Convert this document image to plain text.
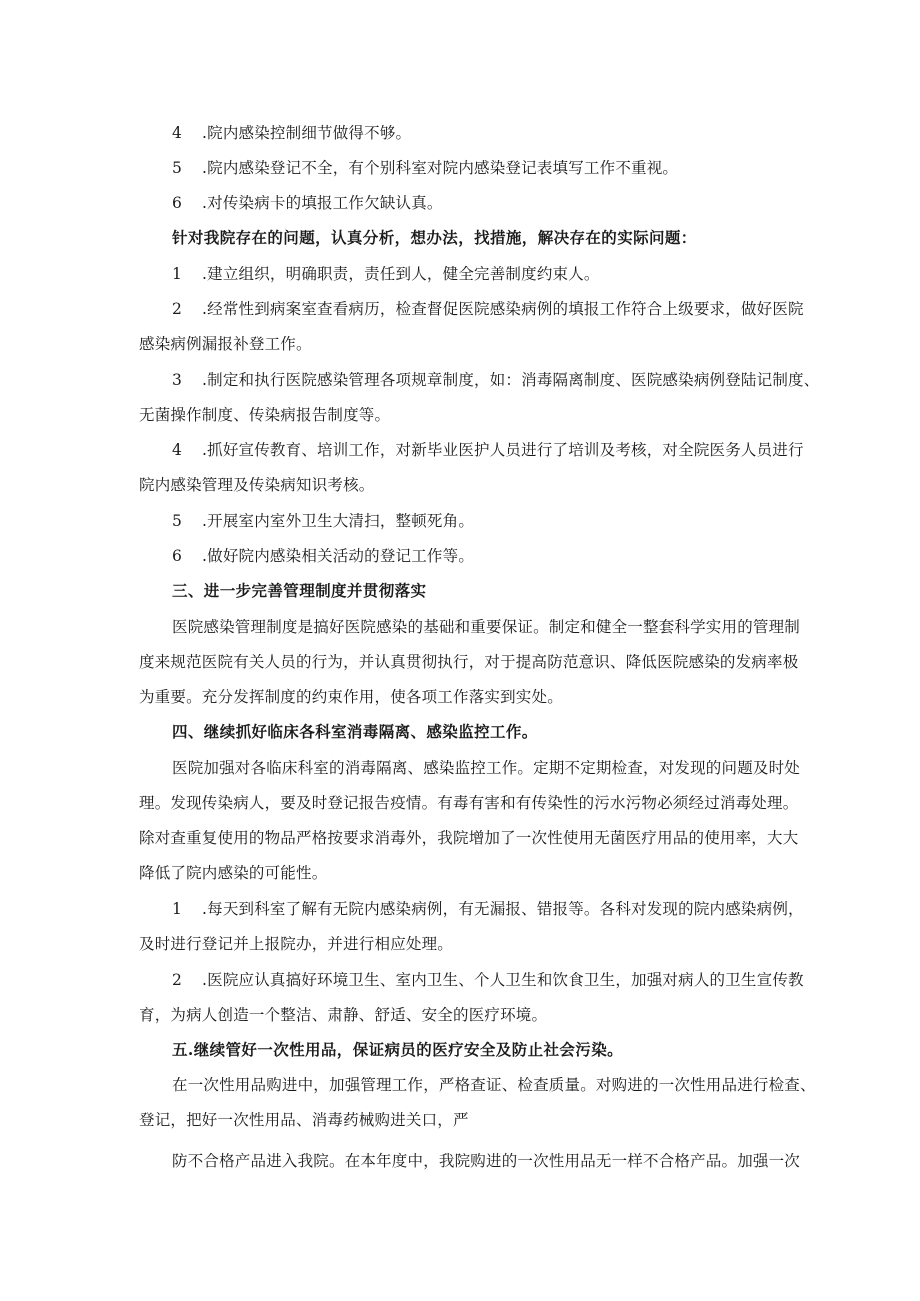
4 .院内感染控制细节做得不够。
5 .院内感染登记不全，有个别科室对院内感染登记表填写工作不重视。
6 .对传染病卡的填报工作欠缺认真。
针对我院存在的问题，认真分析，想办法，找措施，解决存在的实际问题：
1 .建立组织，明确职责，责任到人，健全完善制度约束人。
2 .经常性到病案室查看病历，检查督促医院感染病例的填报工作符合上级要求，做好医院
感染病例漏报补登工作。
3 .制定和执行医院感染管理各项规章制度，如：消毒隔离制度、医院感染病例登陆记制度、
无菌操作制度、传染病报告制度等。
4 .抓好宣传教育、培训工作，对新毕业医护人员进行了培训及考核，对全院医务人员进行
院内感染管理及传染病知识考核。
5 .开展室内室外卫生大清扫，整顿死角。
6 .做好院内感染相关活动的登记工作等。
三、进一步完善管理制度并贯彻落实
医院感染管理制度是搞好医院感染的基础和重要保证。制定和健全一整套科学实用的管理制
度来规范医院有关人员的行为，并认真贯彻执行，对于提高防范意识、降低医院感染的发病率极
为重要。充分发挥制度的约束作用，使各项工作落实到实处。
四、继续抓好临床各科室消毒隔离、感染监控工作。
医院加强对各临床科室的消毒隔离、感染监控工作。定期不定期检查，对发现的问题及时处
理。发现传染病人，要及时登记报告疫情。有毒有害和有传染性的污水污物必须经过消毒处理。
除对查重复使用的物品严格按要求消毒外，我院增加了一次性使用无菌医疗用品的使用率，大大
降低了院内感染的可能性。
1 .每天到科室了解有无院内感染病例，有无漏报、错报等。各科对发现的院内感染病例，
及时进行登记并上报院办，并进行相应处理。
2 .医院应认真搞好环境卫生、室内卫生、个人卫生和饮食卫生，加强对病人的卫生宣传教
育，为病人创造一个整洁、肃静、舒适、安全的医疗环境。
五.继续管好一次性用品，保证病员的医疗安全及防止社会污染。
在一次性用品购进中，加强管理工作，严格查证、检查质量。对购进的一次性用品进行检查、
登记，把好一次性用品、消毒药械购进关口，严
防不合格产品进入我院。在本年度中，我院购进的一次性用品无一样不合格产品。加强一次
